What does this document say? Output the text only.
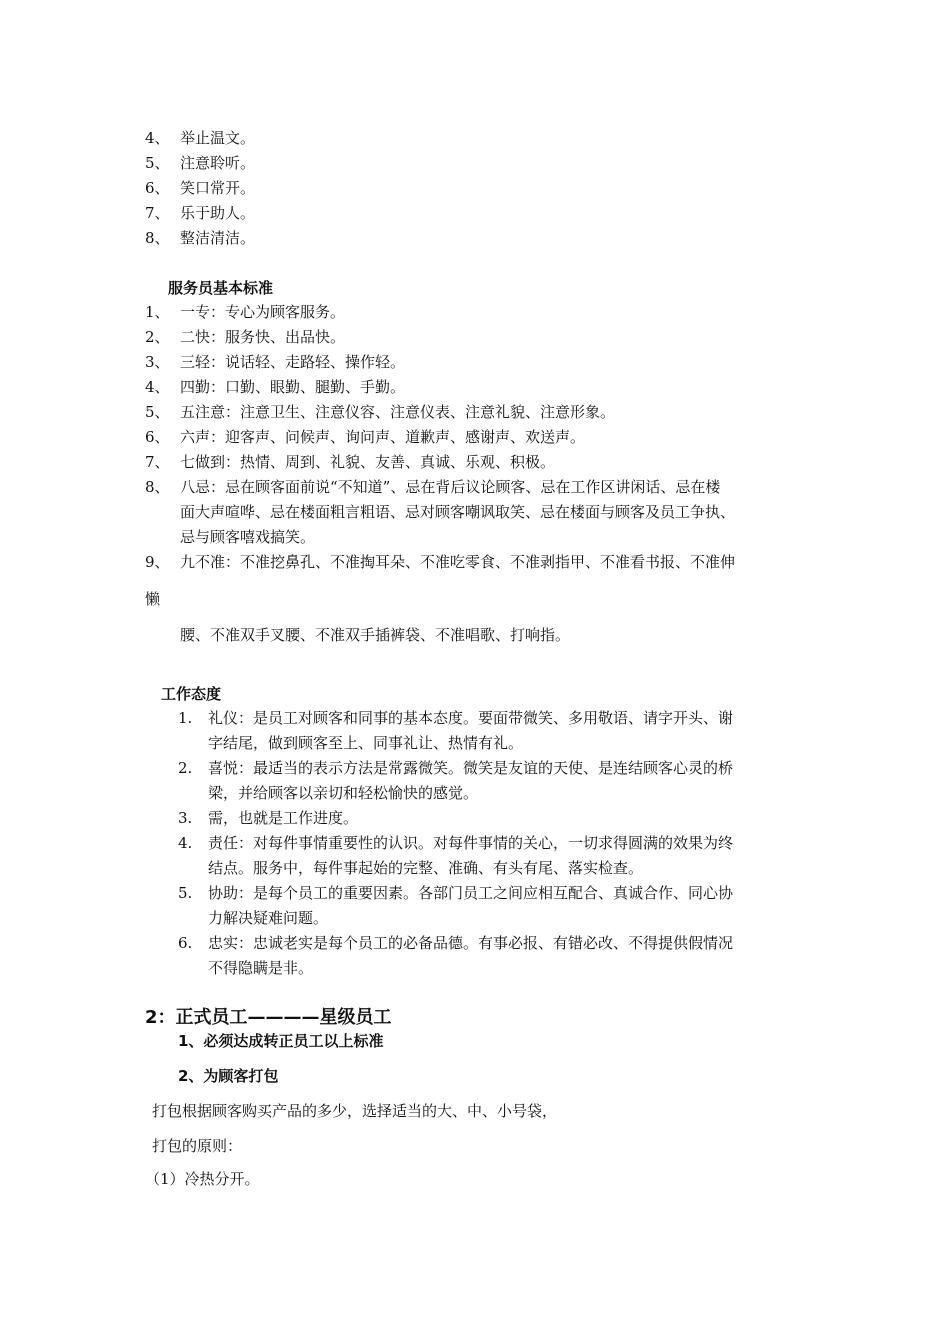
4、 举止温文。
5、 注意聆听。
6、 笑口常开。
7、 乐于助人。
8、 整洁清洁。
服务员基本标准
1、 一专：专心为顾客服务。
2、 二快：服务快、出品快。
3、 三轻：说话轻、走路轻、操作轻。
4、 四勤：口勤、眼勤、腿勤、手勤。
5、 五注意：注意卫生、注意仪容、注意仪表、注意礼貌、注意形象。
6、 六声：迎客声、问候声、询问声、道歉声、感谢声、欢送声。
7、 七做到：热情、周到、礼貌、友善、真诚、乐观、积极。
8、 八忌：忌在顾客面前说“不知道”、忌在背后议论顾客、忌在工作区讲闲话、忌在楼
面大声喧哗、忌在楼面粗言粗语、忌对顾客嘲讽取笑、忌在楼面与顾客及员工争执、
忌与顾客嘻戏搞笑。
9、 九不准：不准挖鼻孔、不准掏耳朵、不准吃零食、不准剥指甲、不准看书报、不准伸
懒
腰、不准双手叉腰、不准双手插裤袋、不准唱歌、打响指。
工作态度
1. 礼仪：是员工对顾客和同事的基本态度。要面带微笑、多用敬语、请字开头、谢
字结尾，做到顾客至上、同事礼让、热情有礼。
2. 喜悦：最适当的表示方法是常露微笑。微笑是友谊的天使、是连结顾客心灵的桥
梁，并给顾客以亲切和轻松愉快的感觉。
3. 需，也就是工作进度。
4. 责任：对每件事情重要性的认识。对每件事情的关心，一切求得圆满的效果为终
结点。服务中，每件事起始的完整、准确、有头有尾、落实检查。
5. 协助：是每个员工的重要因素。各部门员工之间应相互配合、真诚合作、同心协
力解决疑难问题。
6. 忠实：忠诚老实是每个员工的必备品德。有事必报、有错必改、不得提供假情况
不得隐瞒是非。
2：正式员工————星级员工
1、必须达成转正员工以上标准
2、为顾客打包
打包根据顾客购买产品的多少，选择适当的大、中、小号袋，
打包的原则：
（1）冷热分开。
